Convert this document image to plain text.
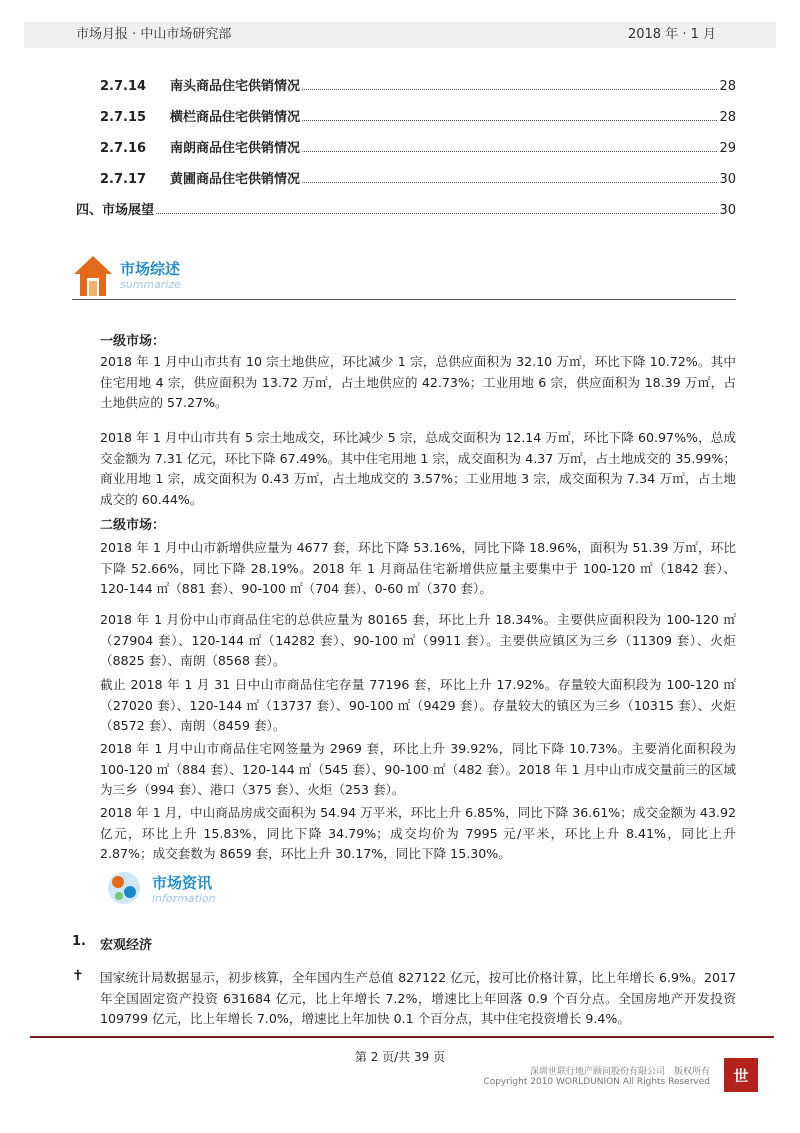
市场月报 · 中山市场研究部	2018 年 · 1 月
2.7.14	南头商品住宅供销情况	28
2.7.15	横栏商品住宅供销情况	28
2.7.16	南朗商品住宅供销情况	29
2.7.17	黄圃商品住宅供销情况	30
四、市场展望	30
市场综述
summarize
一级市场：
2018 年 1 月中山市共有 10 宗土地供应，环比减少 1 宗，总供应面积为 32.10 万㎡，环比下降 10.72%。其中住宅用地 4 宗，供应面积为 13.72 万㎡，占土地供应的 42.73%；工业用地 6 宗，供应面积为 18.39 万㎡，占土地供应的 57.27%。
2018 年 1 月中山市共有 5 宗土地成交，环比减少 5 宗，总成交面积为 12.14 万㎡，环比下降 60.97%%，总成交金额为 7.31 亿元，环比下降 67.49%。其中住宅用地 1 宗，成交面积为 4.37 万㎡，占土地成交的 35.99%；商业用地 1 宗，成交面积为 0.43 万㎡，占土地成交的 3.57%；工业用地 3 宗，成交面积为 7.34 万㎡，占土地成交的 60.44%。
二级市场：
2018 年 1 月中山市新增供应量为 4677 套，环比下降 53.16%，同比下降 18.96%，面积为 51.39 万㎡，环比下降 52.66%，同比下降 28.19%。2018 年 1 月商品住宅新增供应量主要集中于 100-120 ㎡（1842 套）、120-144 ㎡（881 套）、90-100 ㎡（704 套）、0-60 ㎡（370 套）。
2018 年 1 月份中山市商品住宅的总供应量为 80165 套，环比上升 18.34%。主要供应面积段为 100-120 ㎡（27904 套）、120-144 ㎡（14282 套）、90-100 ㎡（9911 套）。主要供应镇区为三乡（11309 套）、火炬（8825 套）、南朗（8568 套）。
截止 2018 年 1 月 31 日中山市商品住宅存量 77196 套，环比上升 17.92%。存量较大面积段为 100-120 ㎡（27020 套）、120-144 ㎡（13737 套）、90-100 ㎡（9429 套）。存量较大的镇区为三乡（10315 套）、火炬（8572 套）、南朗（8459 套）。
2018 年 1 月中山市商品住宅网签量为 2969 套，环比上升 39.92%，同比下降 10.73%。主要消化面积段为 100-120 ㎡（884 套）、120-144 ㎡（545 套）、90-100 ㎡（482 套）。2018 年 1 月中山市成交量前三的区域为三乡（994 套）、港口（375 套）、火炬（253 套）。
2018 年 1 月，中山商品房成交面积为 54.94 万平米，环比上升 6.85%，同比下降 36.61%；成交金额为 43.92 亿元，环比上升 15.83%，同比下降 34.79%；成交均价为 7995 元/平米，环比上升 8.41%，同比上升 2.87%；成交套数为 8659 套，环比上升 30.17%，同比下降 15.30%。
市场资讯
information
1. 宏观经济
✝ 国家统计局数据显示，初步核算，全年国内生产总值 827122 亿元，按可比价格计算，比上年增长 6.9%。2017 年全国固定资产投资 631684 亿元，比上年增长 7.2%，增速比上年回落 0.9 个百分点。全国房地产开发投资 109799 亿元，比上年增长 7.0%，增速比上年加快 0.1 个百分点，其中住宅投资增长 9.4%。
第 2 页/共 39 页
深圳世联行地产顾问股份有限公司　版权所有
Copyright 2010 WORLDUNION All Rights Reserved	世
